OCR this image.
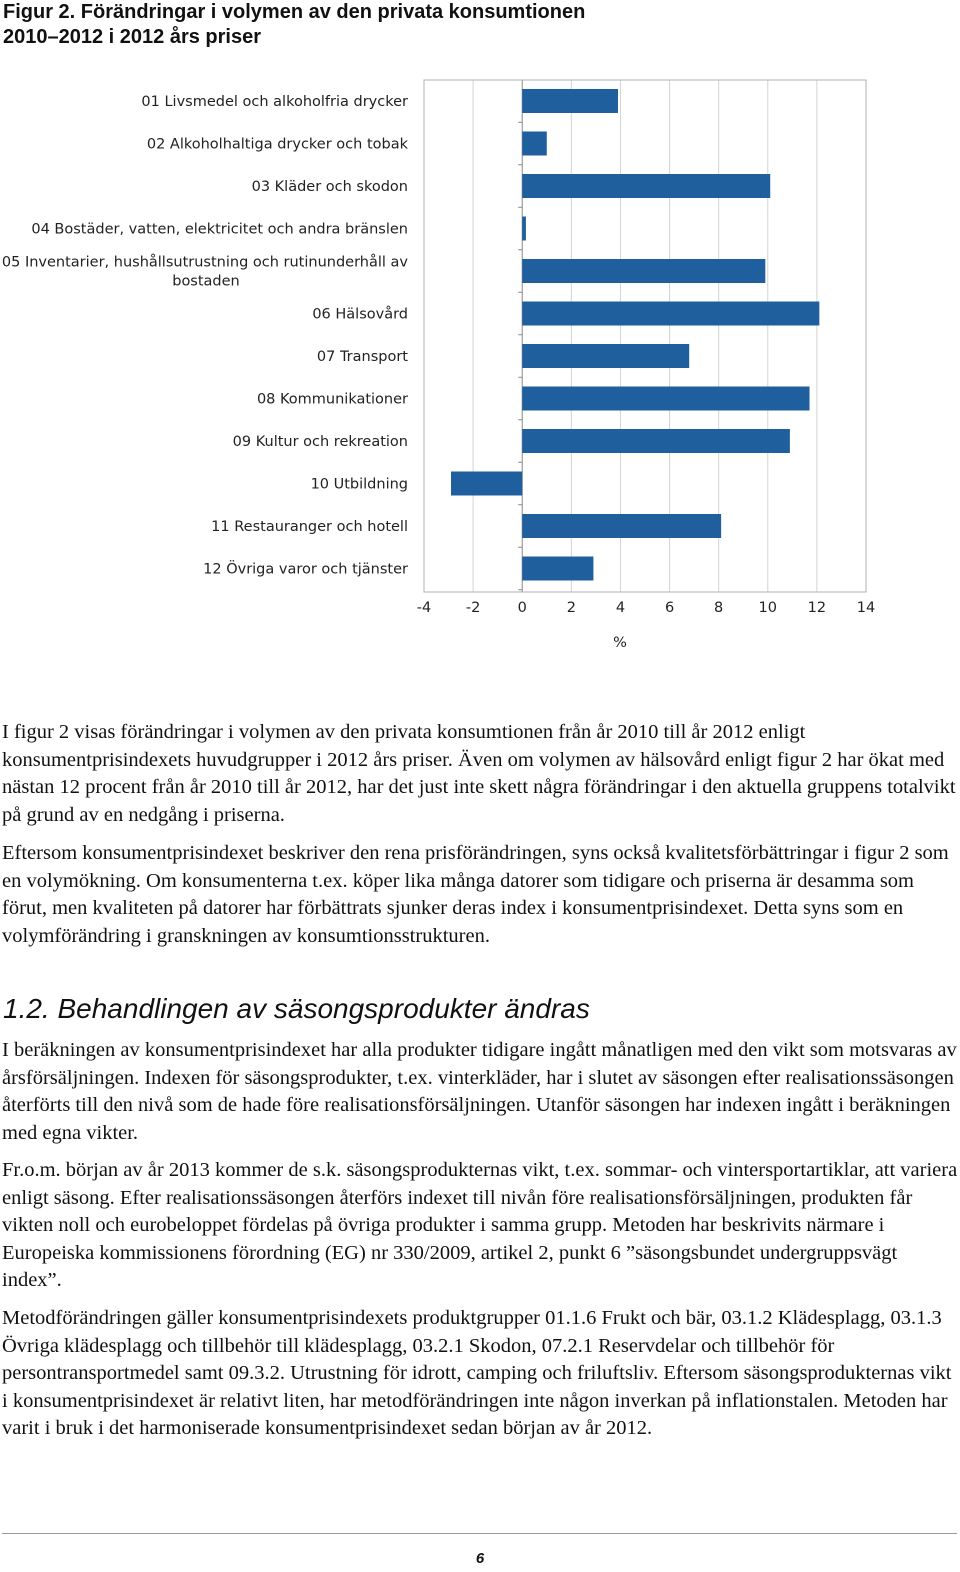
Figur 2. Förändringar i volymen av den privata konsumtionen
2010–2012 i 2012 års priser
01 Livsmedel och alkoholfria drycker
02 Alkoholhaltiga drycker och tobak
03 Kläder och skodon
04 Bostäder, vatten, elektricitet och andra bränslen
05 Inventarier, hushållsutrustning och rutinunderhåll av
bostaden
06 Hälsovård
07 Transport
08 Kommunikationer
09 Kultur och rekreation
10 Utbildning
11 Restauranger och hotell
12 Övriga varor och tjänster
-4 -2	0	2	4	6	8 10 12 14
%

I figur 2 visas förändringar i volymen av den privata konsumtionen från år 2010 till år 2012 enligt konsumentprisindexets huvudgrupper i 2012 års priser. Även om volymen av hälsovård enligt figur 2 har ökat med nästan 12 procent från år 2010 till år 2012, har det just inte skett några förändringar i den aktuella gruppens totalvikt på grund av en nedgång i priserna.

Eftersom konsumentprisindexet beskriver den rena prisförändringen, syns också kvalitetsförbättringar i figur 2 som en volymökning. Om konsumenterna t.ex. köper lika många datorer som tidigare och priserna är desamma som förut, men kvaliteten på datorer har förbättrats sjunker deras index i konsumentprisindexet. Detta syns som en volymförändring i granskningen av konsumtionsstrukturen.

1.2. Behandlingen av säsongsprodukter ändras

I beräkningen av konsumentprisindexet har alla produkter tidigare ingått månatligen med den vikt som motsvaras av årsförsäljningen. Indexen för säsongsprodukter, t.ex. vinterkläder, har i slutet av säsongen efter realisationssäsongen återförts till den nivå som de hade före realisationsförsäljningen. Utanför säsongen har indexen ingått i beräkningen med egna vikter.

Fr.o.m. början av år 2013 kommer de s.k. säsongsprodukternas vikt, t.ex. sommar- och vintersportartiklar, att variera enligt säsong. Efter realisationssäsongen återförs indexet till nivån före realisationsförsäljningen, produkten får vikten noll och eurobeloppet fördelas på övriga produkter i samma grupp. Metoden har beskrivits närmare i Europeiska kommissionens förordning (EG) nr 330/2009, artikel 2, punkt 6 ”säsongsbundet undergruppsvägt index”.

Metodförändringen gäller konsumentprisindexets produktgrupper 01.1.6 Frukt och bär, 03.1.2 Klädesplagg, 03.1.3 Övriga klädesplagg och tillbehör till klädesplagg, 03.2.1 Skodon, 07.2.1 Reservdelar och tillbehör för persontransportmedel samt 09.3.2. Utrustning för idrott, camping och friluftsliv. Eftersom säsongsprodukternas vikt i konsumentprisindexet är relativt liten, har metodförändringen inte någon inverkan på inflationstalen. Metoden har varit i bruk i det harmoniserade konsumentprisindexet sedan början av år 2012.

6
